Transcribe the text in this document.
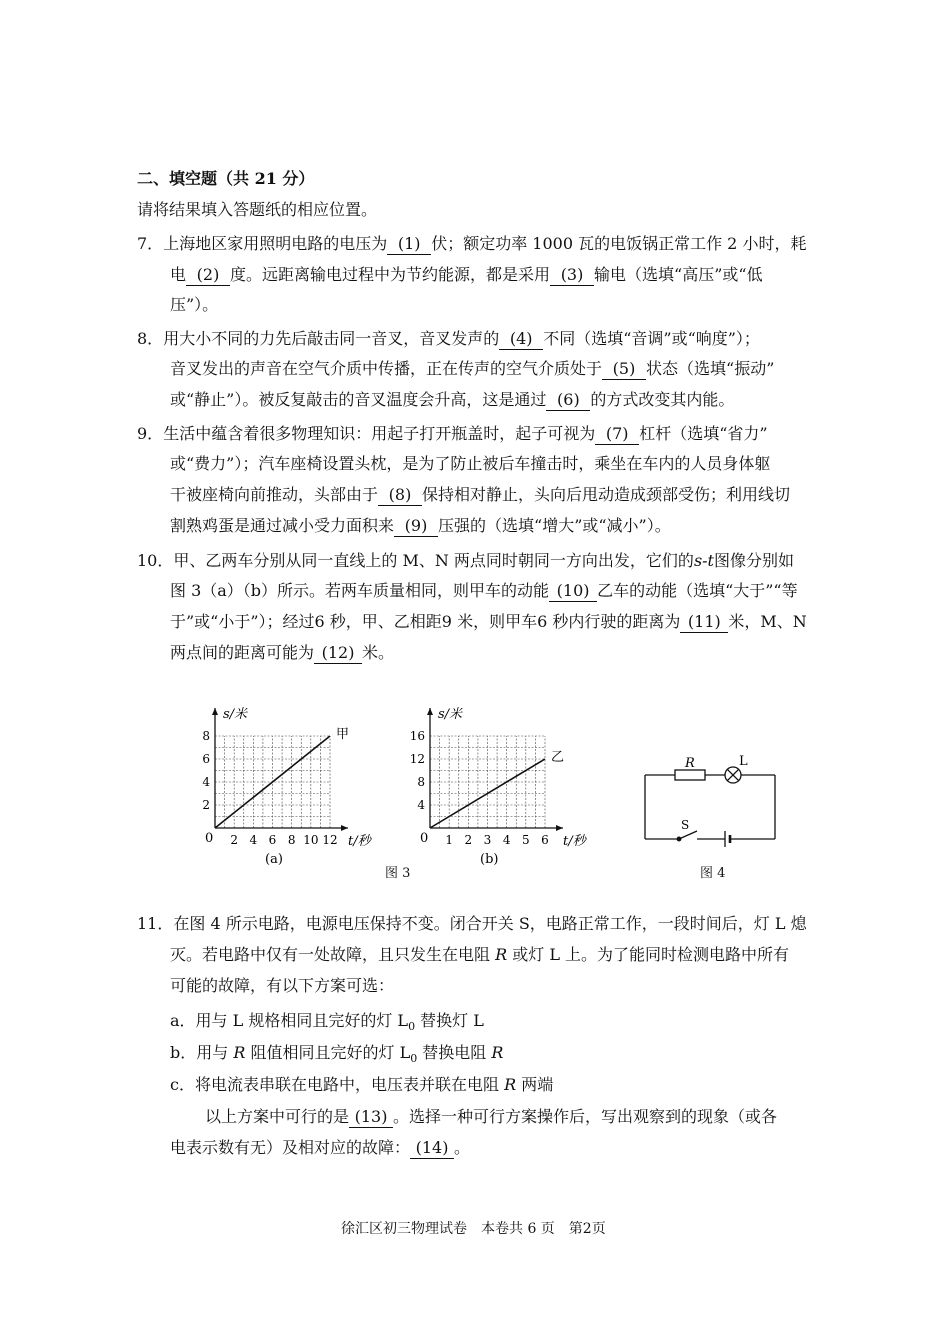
二、填空题（共 21 分）
请将结果填入答题纸的相应位置。
7．上海地区家用照明电路的电压为 (1) 伏；额定功率 1000 瓦的电饭锅正常工作 2 小时，耗
电 (2) 度。远距离输电过程中为节约能源，都是采用 (3) 输电（选填“高压”或“低
压”）。
8．用大小不同的力先后敲击同一音叉，音叉发声的 (4) 不同（选填“音调”或“响度”）；
音叉发出的声音在空气介质中传播，正在传声的空气介质处于 (5) 状态（选填“振动”
或“静止”）。被反复敲击的音叉温度会升高，这是通过 (6) 的方式改变其内能。
9．生活中蕴含着很多物理知识：用起子打开瓶盖时，起子可视为 (7) 杠杆（选填“省力”
或“费力”）；汽车座椅设置头枕，是为了防止被后车撞击时，乘坐在车内的人员身体躯
干被座椅向前推动，头部由于 (8) 保持相对静止，头向后甩动造成颈部受伤；利用线切
割熟鸡蛋是通过减小受力面积来 (9) 压强的（选填“增大”或“减小”）。
10．甲、乙两车分别从同一直线上的 M、N 两点同时朝同一方向出发，它们的s-t图像分别如
图 3（a）（b）所示。若两车质量相同，则甲车的动能 (10) 乙车的动能（选填“大于”“等
于”或“小于”）；经过6 秒，甲、乙相距9 米，则甲车6 秒内行驶的距离为 (11) 米，M、N
两点间的距离可能为 (12) 米。
s/米
t/秒
0
8
6
4
2
2 4 6 8 10 12
甲
(a)
s/米
t/秒
0
16
12
8
4
1 2 3 4 5 6
乙
(b)
图 3
R	L
S
图 4
11．在图 4 所示电路，电源电压保持不变。闭合开关 S，电路正常工作，一段时间后，灯 L 熄
灭。若电路中仅有一处故障，且只发生在电阻 R 或灯 L 上。为了能同时检测电路中所有
可能的故障，有以下方案可选：
a．用与 L 规格相同且完好的灯 $L_0$ 替换灯 L
b．用与 R 阻值相同且完好的灯 $L_0$ 替换电阻 R
c．将电流表串联在电路中，电压表并联在电阻 R 两端
以上方案中可行的是 (13) 。选择一种可行方案操作后，写出观察到的现象（或各
电表示数有无）及相对应的故障： (14) 。
徐汇区初三物理试卷　本卷共 6 页　第2页
